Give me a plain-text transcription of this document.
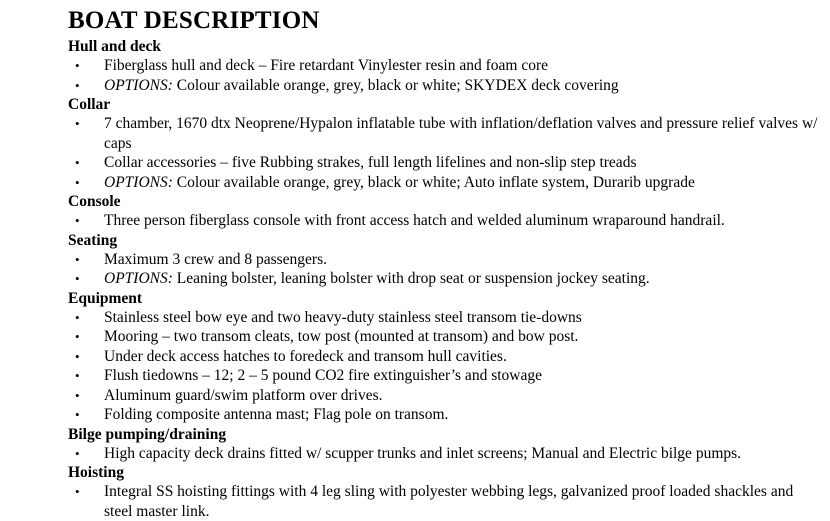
BOAT DESCRIPTION
Hull and deck
• Fiberglass hull and deck – Fire retardant Vinylester resin and foam core
• OPTIONS: Colour available orange, grey, black or white; SKYDEX deck covering
Collar
• 7 chamber, 1670 dtx Neoprene/Hypalon inflatable tube with inflation/deflation valves and pressure relief valves w/ caps
• Collar accessories – five Rubbing strakes, full length lifelines and non-slip step treads
• OPTIONS: Colour available orange, grey, black or white; Auto inflate system, Durarib upgrade
Console
• Three person fiberglass console with front access hatch and welded aluminum wraparound handrail.
Seating
• Maximum 3 crew and 8 passengers.
• OPTIONS: Leaning bolster, leaning bolster with drop seat or suspension jockey seating.
Equipment
• Stainless steel bow eye and two heavy-duty stainless steel transom tie-downs
• Mooring – two transom cleats, tow post (mounted at transom) and bow post.
• Under deck access hatches to foredeck and transom hull cavities.
• Flush tiedowns – 12; 2 – 5 pound CO2 fire extinguisher’s and stowage
• Aluminum guard/swim platform over drives.
• Folding composite antenna mast; Flag pole on transom.
Bilge pumping/draining
• High capacity deck drains fitted w/ scupper trunks and inlet screens; Manual and Electric bilge pumps.
Hoisting
• Integral SS hoisting fittings with 4 leg sling with polyester webbing legs, galvanized proof loaded shackles and steel master link.
